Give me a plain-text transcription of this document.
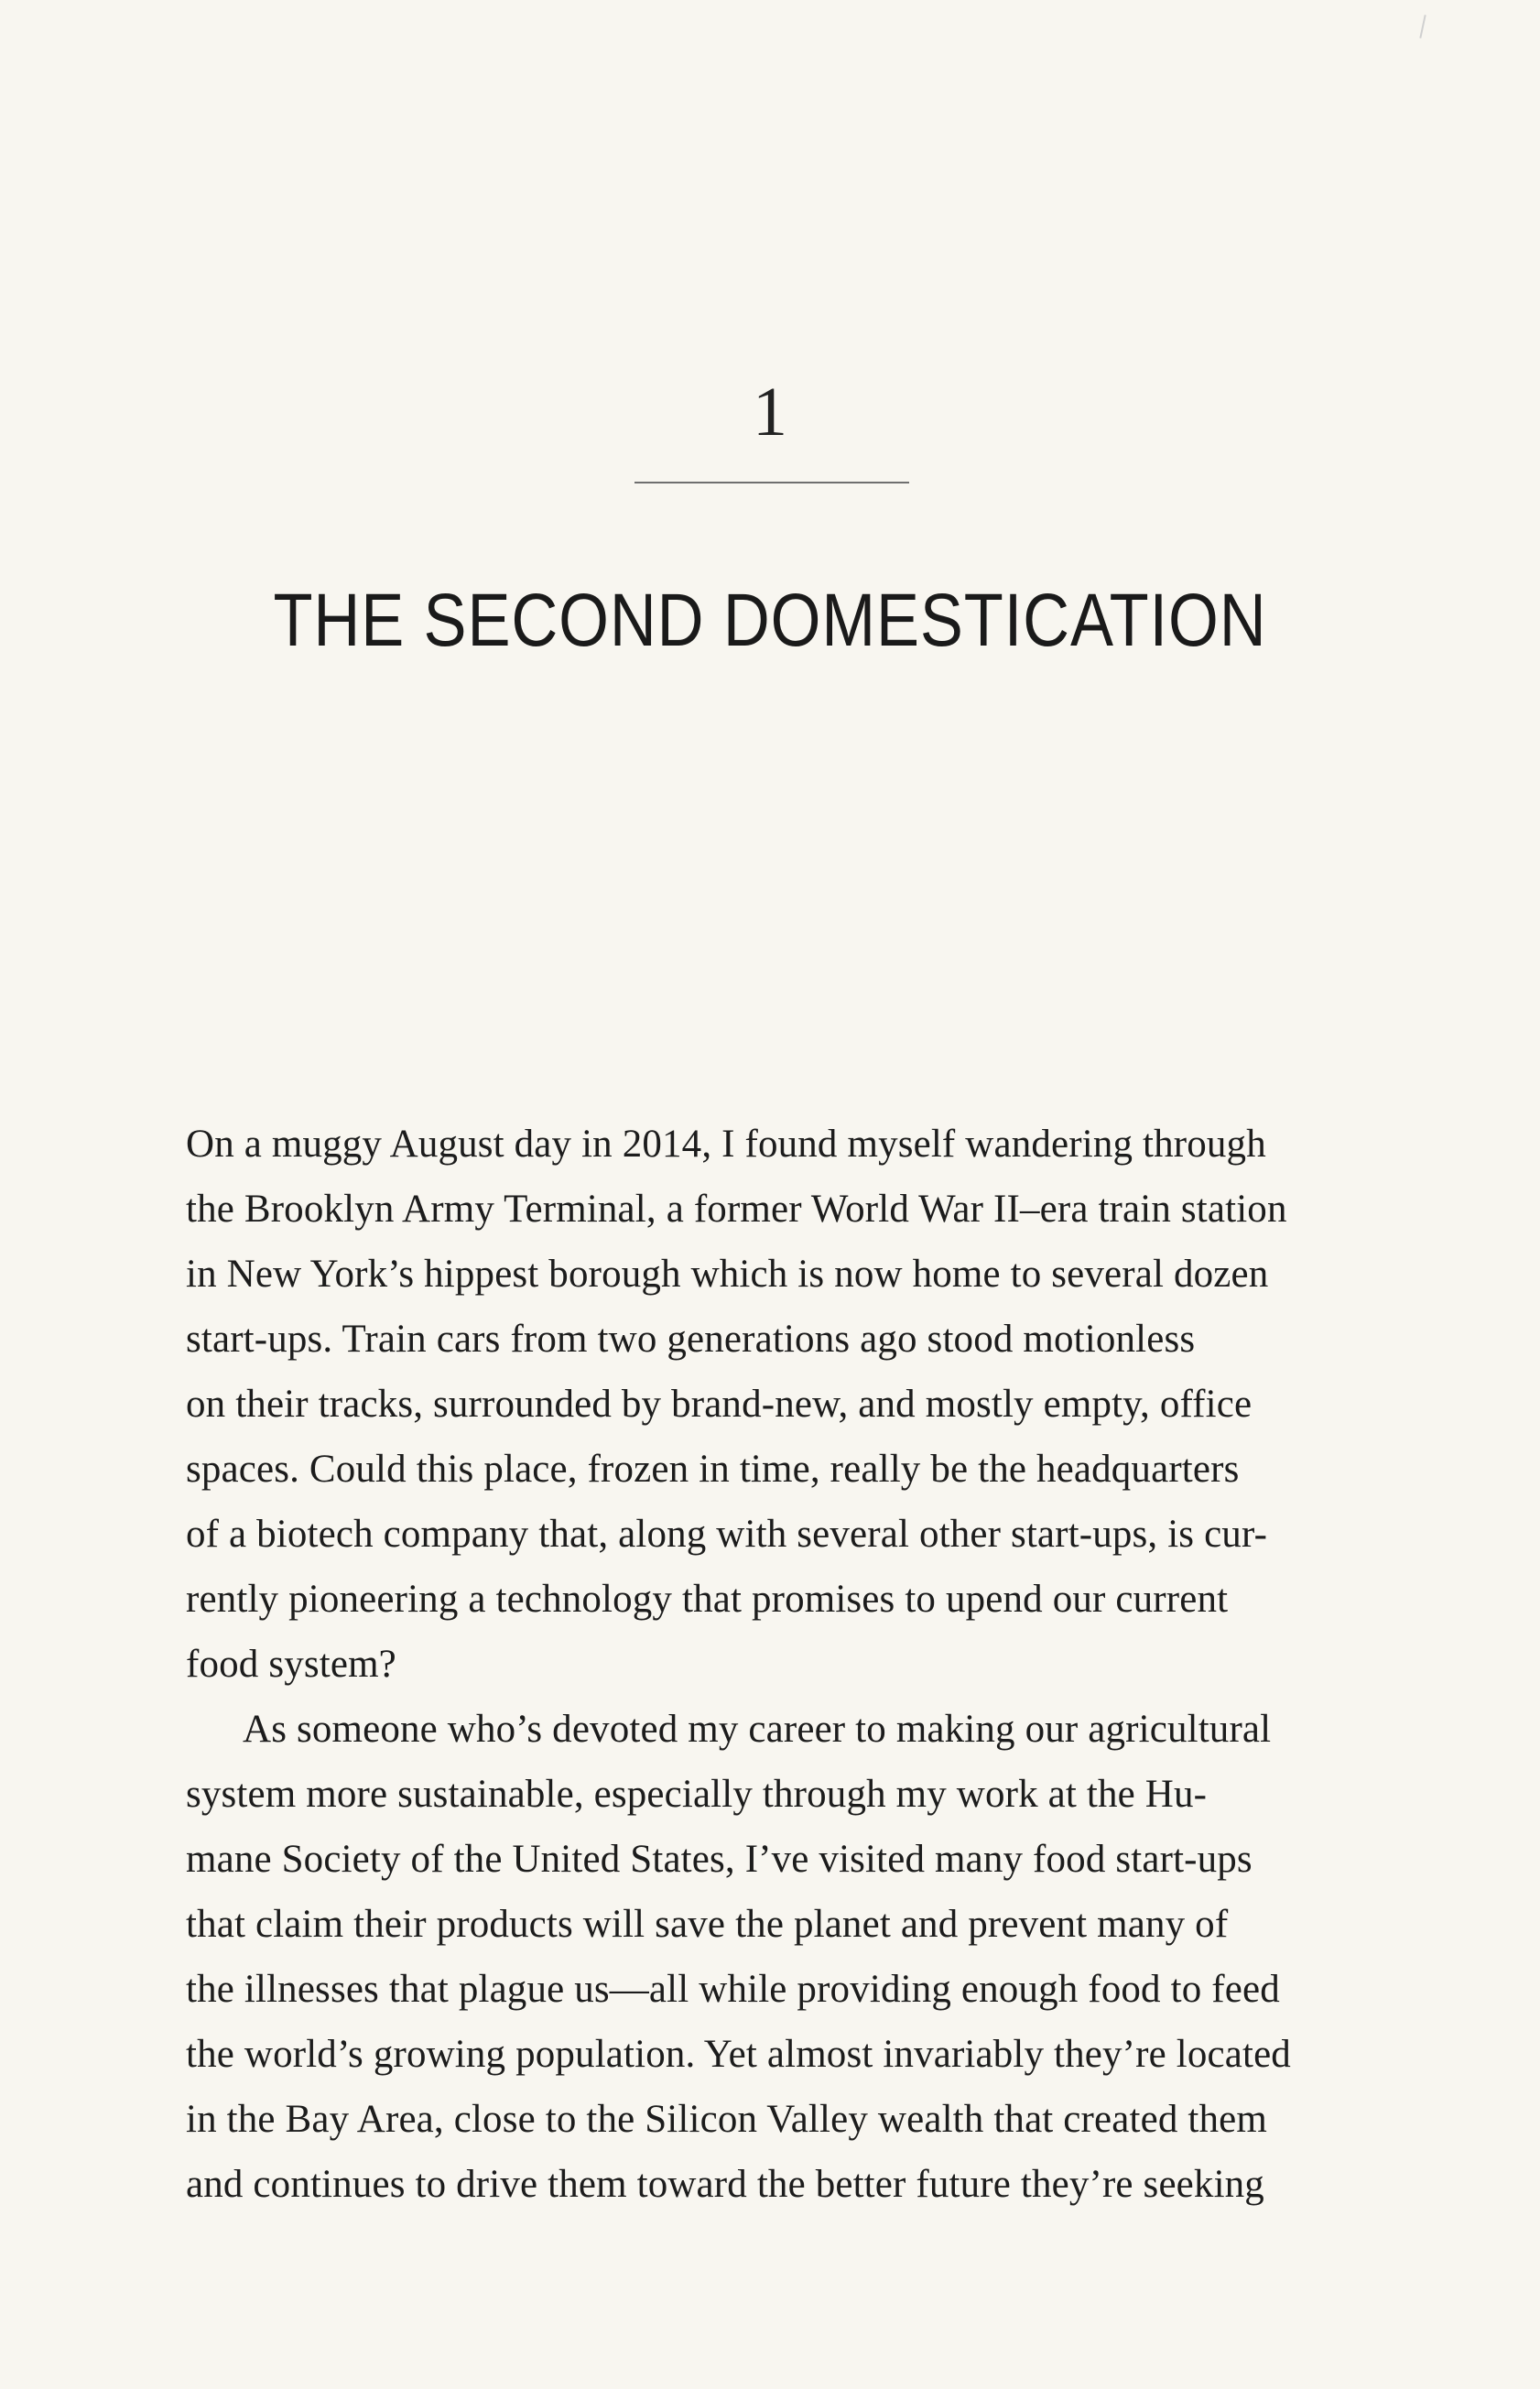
1
THE SECOND DOMESTICATION
On a muggy August day in 2014, I found myself wandering through
the Brooklyn Army Terminal, a former World War II–era train station
in New York’s hippest borough which is now home to several dozen
start-ups. Train cars from two generations ago stood motionless
on their tracks, surrounded by brand-new, and mostly empty, office
spaces. Could this place, frozen in time, really be the headquarters
of a biotech company that, along with several other start-ups, is cur-
rently pioneering a technology that promises to upend our current
food system?
As someone who’s devoted my career to making our agricultural
system more sustainable, especially through my work at the Hu-
mane Society of the United States, I’ve visited many food start-ups
that claim their products will save the planet and prevent many of
the illnesses that plague us—all while providing enough food to feed
the world’s growing population. Yet almost invariably they’re located
in the Bay Area, close to the Silicon Valley wealth that created them
and continues to drive them toward the better future they’re seeking
